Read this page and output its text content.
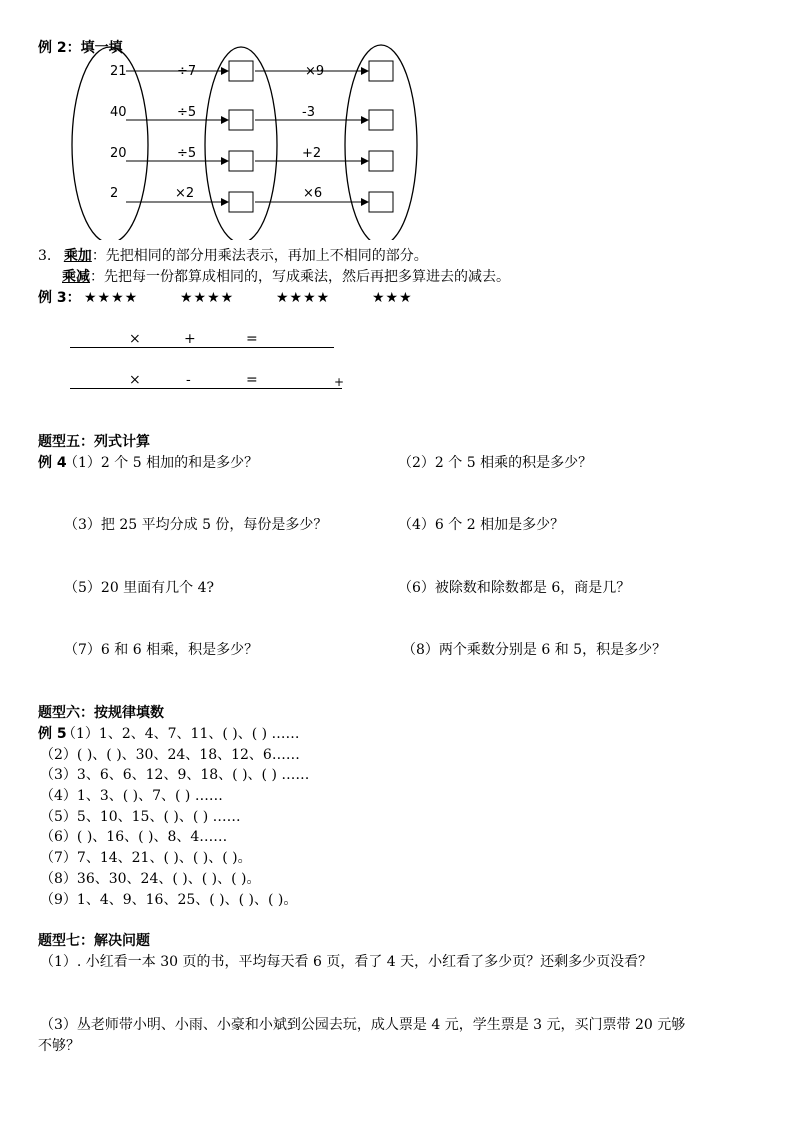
例 2：填一填
21	÷7	×9
40	÷5	-3
20	÷5	+2
2	×2	×6
3. 乘加：先把相同的部分用乘法表示，再加上不相同的部分。
乘减：先把每一份都算成相同的，写成乘法，然后再把多算进去的减去。
例 3： ★★★★	★★★★	★★★★	★★★
×	+	=
×	-	=	+
题型五：列式计算
例 4
（1）2 个 5 相加的和是多少？	（2）2 个 5 相乘的积是多少？
（3）把 25 平均分成 5 份，每份是多少？	（4）6 个 2 相加是多少？
（5）20 里面有几个 4?	（6）被除数和除数都是 6，商是几？
（7）6 和 6 相乘，积是多少？	（8）两个乘数分别是 6 和 5，积是多少？
题型六：按规律填数
例 5
（1）1、2、4、7、11、( )、( ) ……
（2）( )、( )、30、24、18、12、6……
（3）3、6、6、12、9、18、( )、( ) ……
（4）1、3、( )、7、( ) ……
（5）5、10、15、( )、( ) ……
（6）( )、16、( )、8、4……
（7）7、14、21、( )、( )、( )。
（8）36、30、24、( )、( )、( )。
（9）1、4、9、16、25、( )、( )、( )。
题型七：解决问题
（1）. 小红看一本 30 页的书，平均每天看 6 页，看了 4 天，小红看了多少页？还剩多少页没看？
（3）丛老师带小明、小雨、小豪和小斌到公园去玩，成人票是 4 元，学生票是 3 元，买门票带 20 元够
不够？
